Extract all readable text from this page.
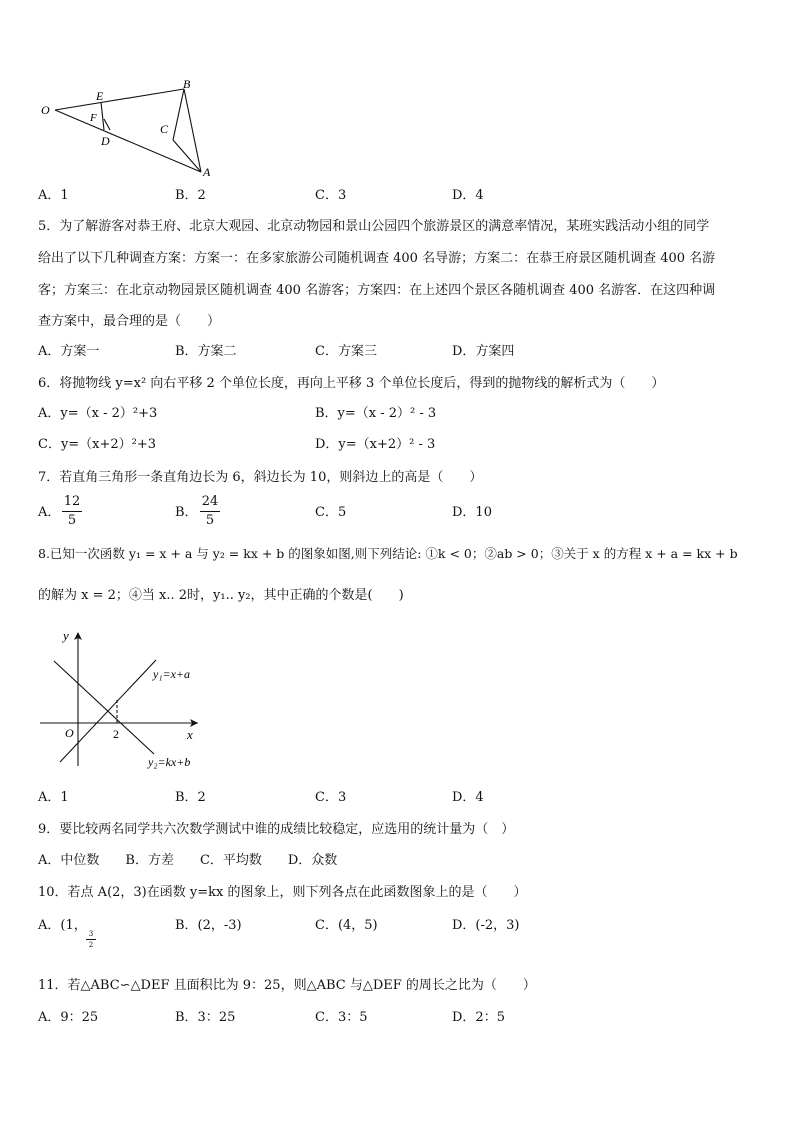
O
E
F
B
C
D
A
A．1	B．2	C．3	D．4
5．为了解游客对恭王府、北京大观园、北京动物园和景山公园四个旅游景区的满意率情况，某班实践活动小组的同学
给出了以下几种调查方案：方案一：在多家旅游公司随机调查 400 名导游；方案二：在恭王府景区随机调查 400 名游
客；方案三：在北京动物园景区随机调查 400 名游客；方案四：在上述四个景区各随机调查 400 名游客．在这四种调
查方案中，最合理的是（　　）
A．方案一	B．方案二	C．方案三	D．方案四
6．将抛物线 y=x² 向右平移 2 个单位长度，再向上平移 3 个单位长度后，得到的抛物线的解析式为（　　）
A．y=（x - 2）²+3	B．y=（x - 2）² - 3
C．y=（x+2）²+3	D．y=（x+2）² - 3
7．若直角三角形一条直角边长为 6，斜边长为 10，则斜边上的高是（　　）
A．
12
5
B．
24
5
C．5	D．10
8.已知一次函数 y₁ = x + a 与 y₂ = kx + b 的图象如图,则下列结论: ①k < 0；②ab > 0；③关于 x 的方程 x + a = kx + b
的解为 x = 2；④当 x.. 2时，y₁.. y₂，其中正确的个数是(　　)
y
x
O	2
y₁=x+a
y₂=kx+b
A．1	B．2	C．3	D．4
9．要比较两名同学共六次数学测试中谁的成绩比较稳定，应选用的统计量为（　）
A．中位数　　B．方差　　C．平均数　　D．众数
10．若点 A(2，3)在函数 y=kx 的图象上，则下列各点在此函数图象上的是（　　）
A．(1，
3
2
B．(2，-3)	C．(4，5)	D．(-2，3)
11．若△ABC∽△DEF 且面积比为 9：25，则△ABC 与△DEF 的周长之比为（　　）
A．9：25	B．3：25	C．3：5	D．2：5
